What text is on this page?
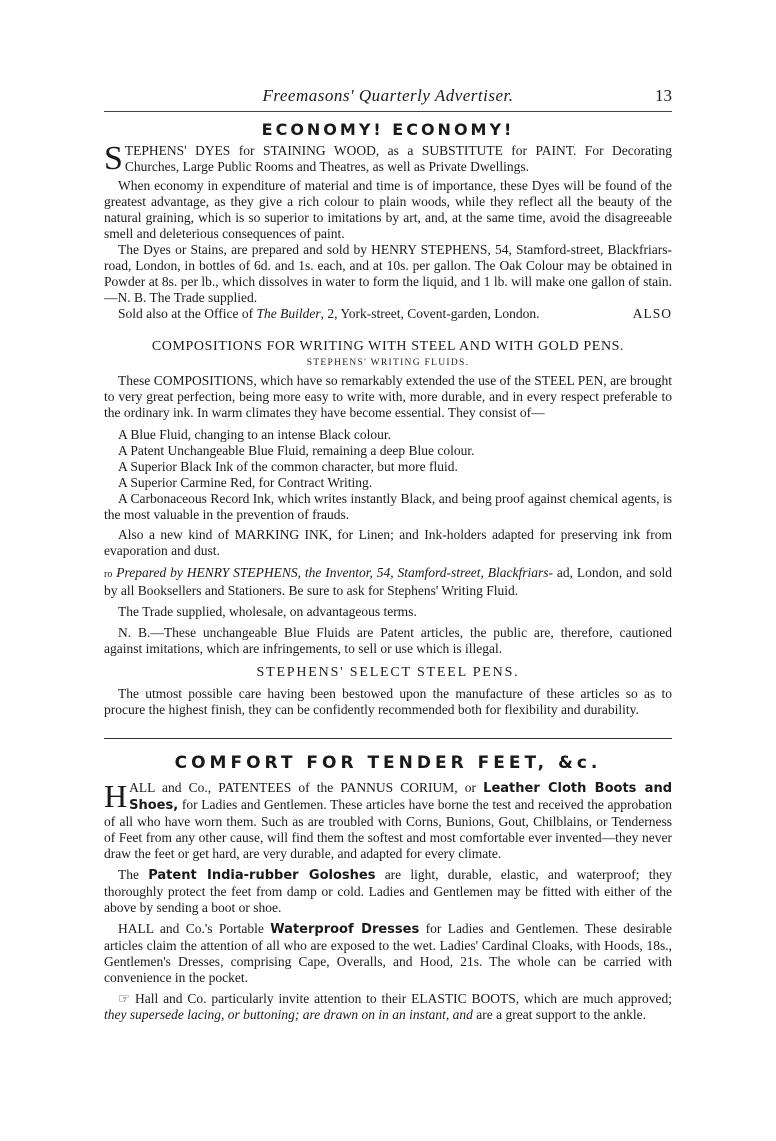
Freemasons' Quarterly Advertiser.	13
ECONOMY! ECONOMY!

STEPHENS' DYES for STAINING WOOD, as a SUBSTITUTE for PAINT. For Decorating Churches, Large Public Rooms and Theatres, as well as Private Dwellings.

When economy in expenditure of material and time is of importance, these Dyes will be found of the greatest advantage, as they give a rich colour to plain woods, while they reflect all the beauty of the natural graining, which is so superior to imitations by art, and, at the same time, avoid the disagreeable smell and deleterious consequences of paint.

The Dyes or Stains, are prepared and sold by HENRY STEPHENS, 54, Stamford-street, Blackfriars-road, London, in bottles of 6d. and 1s. each, and at 10s. per gallon. The Oak Colour may be obtained in Powder at 8s. per lb., which dissolves in water to form the liquid, and 1 lb. will make one gallon of stain.—N. B. The Trade supplied.

Sold also at the Office of The Builder, 2, York-street, Covent-garden, London.	ALSO

COMPOSITIONS FOR WRITING WITH STEEL AND WITH GOLD PENS.
STEPHENS' WRITING FLUIDS.

These COMPOSITIONS, which have so remarkably extended the use of the STEEL PEN, are brought to very great perfection, being more easy to write with, more durable, and in every respect preferable to the ordinary ink. In warm climates they have become essential. They consist of—

A Blue Fluid, changing to an intense Black colour.

A Patent Unchangeable Blue Fluid, remaining a deep Blue colour.

A Superior Black Ink of the common character, but more fluid.

A Superior Carmine Red, for Contract Writing.

A Carbonaceous Record Ink, which writes instantly Black, and being proof against chemical agents, is the most valuable in the prevention of frauds.

Also a new kind of MARKING INK, for Linen; and Ink-holders adapted for preserving ink from evaporation and dust.

ro Prepared by HENRY STEPHENS, the Inventor, 54, Stamford-street, Blackfriars- ad, London, and sold by all Booksellers and Stationers. Be sure to ask for Stephens' Writing Fluid.

The Trade supplied, wholesale, on advantageous terms.

N. B.—These unchangeable Blue Fluids are Patent articles, the public are, therefore, cautioned against imitations, which are infringements, to sell or use which is illegal.

STEPHENS' SELECT STEEL PENS.

The utmost possible care having been bestowed upon the manufacture of these articles so as to procure the highest finish, they can be confidently recommended both for flexibility and durability.

COMFORT FOR TENDER FEET, &c.

HALL and Co., PATENTEES of the PANNUS CORIUM, or Leather Cloth Boots and Shoes, for Ladies and Gentlemen. These articles have borne the test and received the approbation of all who have worn them. Such as are troubled with Corns, Bunions, Gout, Chilblains, or Tenderness of Feet from any other cause, will find them the softest and most comfortable ever invented—they never draw the feet or get hard, are very durable, and adapted for every climate.

The Patent India-rubber Goloshes are light, durable, elastic, and waterproof; they thoroughly protect the feet from damp or cold. Ladies and Gentlemen may be fitted with either of the above by sending a boot or shoe.

HALL and Co.'s Portable Waterproof Dresses for Ladies and Gentlemen. These desirable articles claim the attention of all who are exposed to the wet. Ladies' Cardinal Cloaks, with Hoods, 18s., Gentlemen's Dresses, comprising Cape, Overalls, and Hood, 21s. The whole can be carried with convenience in the pocket.

☞ Hall and Co. particularly invite attention to their ELASTIC BOOTS, which are much approved; they supersede lacing, or buttoning; are drawn on in an instant, and are a great support to the ankle.
